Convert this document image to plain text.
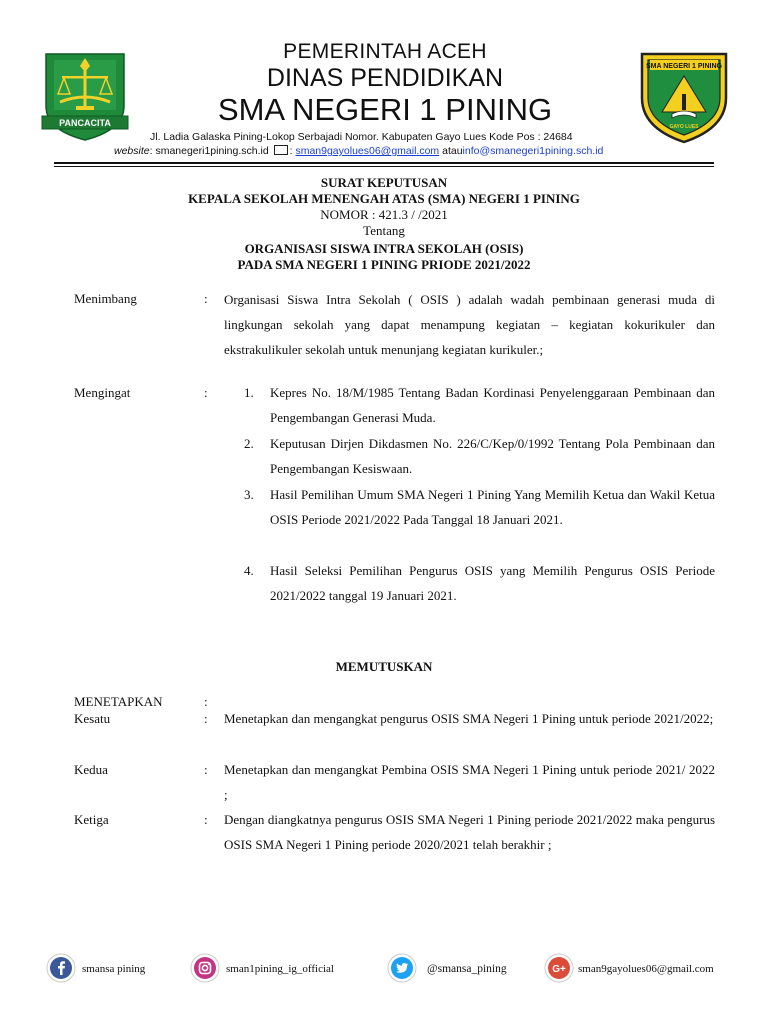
PANCACITA
PEMERINTAH ACEH
DINAS PENDIDIKAN
SMA NEGERI 1 PINING
SMA NEGERI 1 PINING
GAYO LUES
Jl. Ladia Galaska Pining-Lokop Serbajadi Nomor. Kabupaten Gayo Lues Kode Pos : 24684
website: smanegeri1pining.sch.id : sman9gayolues06@gmail.com atauinfo@smanegeri1pining.sch.id
SURAT KEPUTUSAN
KEPALA SEKOLAH MENENGAH ATAS (SMA) NEGERI 1 PINING
NOMOR : 421.3 / /2021
Tentang
ORGANISASI SISWA INTRA SEKOLAH (OSIS)
PADA SMA NEGERI 1 PINING PRIODE 2021/2022
Menimbang	: Organisasi Siswa Intra Sekolah ( OSIS ) adalah wadah pembinaan generasi muda di lingkungan sekolah yang dapat menampung kegiatan – kegiatan kokurikuler dan ekstrakulikuler sekolah untuk menunjang kegiatan kurikuler.;
Mengingat	:	1. Kepres No. 18/M/1985 Tentang Badan Kordinasi Penyelenggaraan Pembinaan dan Pengembangan Generasi Muda.
2. Keputusan Dirjen Dikdasmen No. 226/C/Kep/0/1992 Tentang Pola Pembinaan dan Pengembangan Kesiswaan.
3. Hasil Pemilihan Umum SMA Negeri 1 Pining Yang Memilih Ketua dan Wakil Ketua OSIS Periode 2021/2022 Pada Tanggal 18 Januari 2021.
4. Hasil Seleksi Pemilihan Pengurus OSIS yang Memilih Pengurus OSIS Periode 2021/2022 tanggal 19 Januari 2021.
MEMUTUSKAN
MENETAPKAN	:
Kesatu	: Menetapkan dan mengangkat pengurus OSIS SMA Negeri 1 Pining untuk periode 2021/2022;
Kedua	: Menetapkan dan mengangkat Pembina OSIS SMA Negeri 1 Pining untuk periode 2021/ 2022 ;
Ketiga	: Dengan diangkatnya pengurus OSIS SMA Negeri 1 Pining periode 2021/2022 maka pengurus OSIS SMA Negeri 1 Pining periode 2020/2021 telah berakhir ;
smansa pining	sman1pining_ig_official	@smansa_pining	G+ sman9gayolues06@gmail.com
